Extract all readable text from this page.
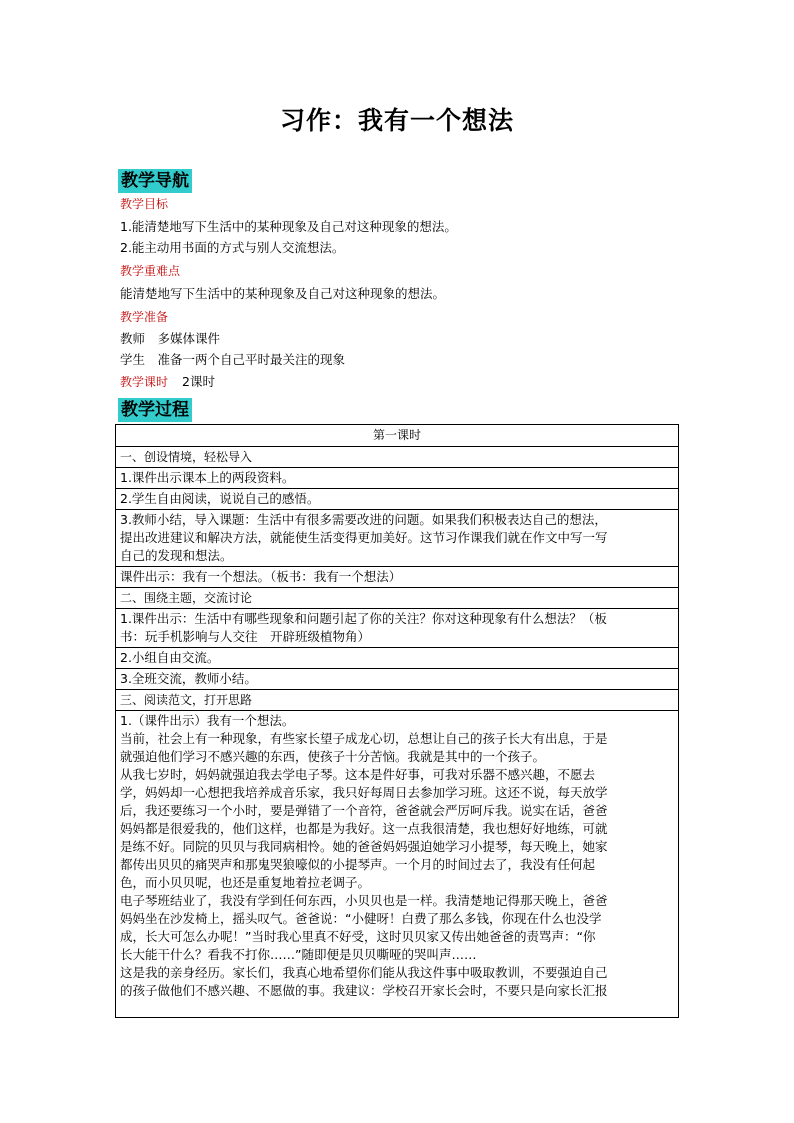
习作：我有一个想法
教学导航
教学目标
1.能清楚地写下生活中的某种现象及自己对这种现象的想法。
2.能主动用书面的方式与别人交流想法。
教学重难点
能清楚地写下生活中的某种现象及自己对这种现象的想法。
教学准备
教师　多媒体课件
学生　准备一两个自己平时最关注的现象
教学课时 2课时
教学过程
第一课时
一、创设情境，轻松导入
1.课件出示课本上的两段资料。
2.学生自由阅读，说说自己的感悟。
3.教师小结，导入课题：生活中有很多需要改进的问题。如果我们积极表达自己的想法，
提出改进建议和解决方法，就能使生活变得更加美好。这节习作课我们就在作文中写一写
自己的发现和想法。
课件出示：我有一个想法。（板书：我有一个想法）
二、围绕主题，交流讨论
1.课件出示：生活中有哪些现象和问题引起了你的关注？你对这种现象有什么想法？（板
书：玩手机影响与人交往　开辟班级植物角）
2.小组自由交流。
3.全班交流，教师小结。
三、阅读范文，打开思路
1.（课件出示）我有一个想法。
当前，社会上有一种现象，有些家长望子成龙心切，总想让自己的孩子长大有出息，于是
就强迫他们学习不感兴趣的东西，使孩子十分苦恼。我就是其中的一个孩子。
从我七岁时，妈妈就强迫我去学电子琴。这本是件好事，可我对乐器不感兴趣，不愿去
学，妈妈却一心想把我培养成音乐家，我只好每周日去参加学习班。这还不说，每天放学
后，我还要练习一个小时，要是弹错了一个音符，爸爸就会严厉呵斥我。说实在话，爸爸
妈妈都是很爱我的，他们这样，也都是为我好。这一点我很清楚，我也想好好地练，可就
是练不好。同院的贝贝与我同病相怜。她的爸爸妈妈强迫她学习小提琴，每天晚上，她家
都传出贝贝的痛哭声和那鬼哭狼嚎似的小提琴声。一个月的时间过去了，我没有任何起
色，而小贝贝呢，也还是重复地着拉老调子。
电子琴班结业了，我没有学到任何东西，小贝贝也是一样。我清楚地记得那天晚上，爸爸
妈妈坐在沙发椅上，摇头叹气。爸爸说：“小健呀！白费了那么多钱，你现在什么也没学
成，长大可怎么办呢！”当时我心里真不好受，这时贝贝家又传出她爸爸的责骂声：“你
长大能干什么？看我不打你……”随即便是贝贝嘶哑的哭叫声……
这是我的亲身经历。家长们，我真心地希望你们能从我这件事中吸取教训，不要强迫自己
的孩子做他们不感兴趣、不愿做的事。我建议：学校召开家长会时，不要只是向家长汇报
